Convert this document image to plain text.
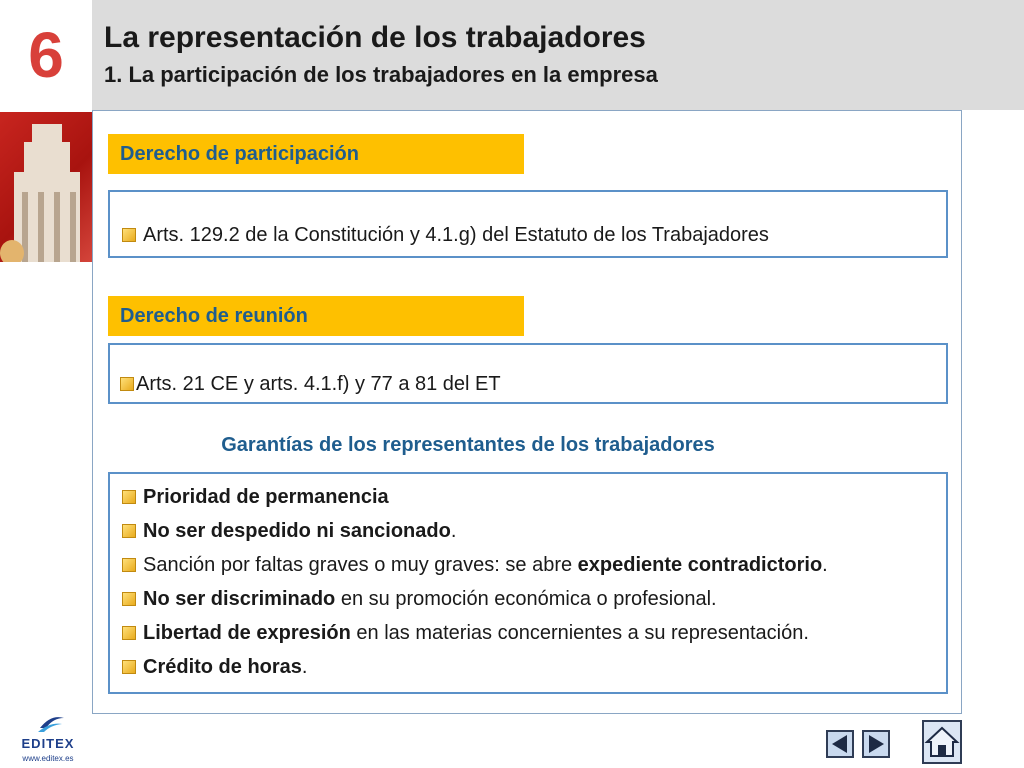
6	La representación de los trabajadores
1. La participación de los trabajadores en la empresa
Derecho de participación
Arts. 129.2 de la Constitución y 4.1.g) del Estatuto de los Trabajadores
Derecho de reunión
Arts. 21 CE y arts. 4.1.f) y 77 a 81 del ET
Garantías de los representantes de los trabajadores
Prioridad de permanencia
No ser despedido ni sancionado.
Sanción por faltas graves o muy graves: se abre expediente contradictorio.
No ser discriminado en su promoción económica o profesional.
Libertad de expresión en las materias concernientes a su representación.
Crédito de horas.
EDITEX
www.editex.es
